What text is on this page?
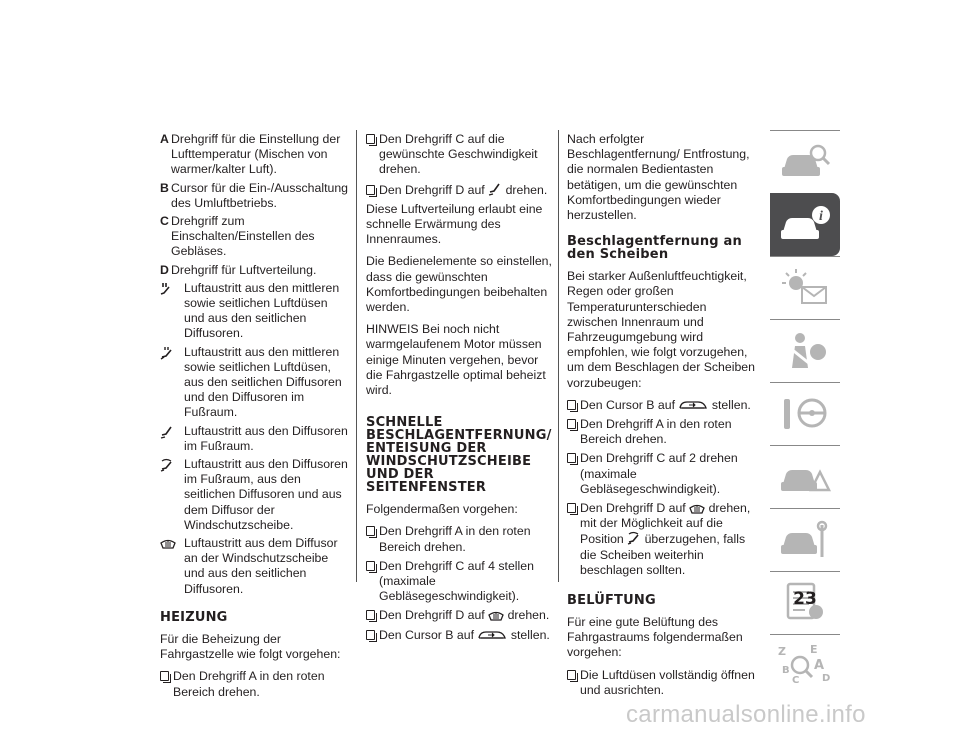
A Drehgriff für die Einstellung der Lufttemperatur (Mischen von warmer/kalter Luft).
B Cursor für die Ein-/Ausschaltung des Umluftbetriebs.
C Drehgriff zum Einschalten/Einstellen des Gebläses.
D Drehgriff für Luftverteilung.
Luftaustritt aus den mittleren sowie seitlichen Luftdüsen und aus den seitlichen Diffusoren.
Luftaustritt aus den mittleren sowie seitlichen Luftdüsen, aus den seitlichen Diffusoren und den Diffusoren im Fußraum.
Luftaustritt aus den Diffusoren im Fußraum.
Luftaustritt aus den Diffusoren im Fußraum, aus den seitlichen Diffusoren und aus dem Diffusor der Windschutzscheibe.
Luftaustritt aus dem Diffusor an der Windschutzscheibe und aus den seitlichen Diffusoren.
HEIZUNG

Für die Beheizung der Fahrgastzelle wie folgt vorgehen:

Den Drehgriff A in den roten Bereich drehen.
Den Drehgriff C auf die gewünschte Geschwindigkeit drehen.
Den Drehgriff D auf drehen.

Diese Luftverteilung erlaubt eine schnelle Erwärmung des Innenraumes.

Die Bedienelemente so einstellen, dass die gewünschten Komfortbedingungen beibehalten werden.

HINWEIS Bei noch nicht warmgelaufenem Motor müssen einige Minuten vergehen, bevor die Fahrgastzelle optimal beheizt wird.

SCHNELLE BESCHLAGENTFERNUNG/ ENTEISUNG DER WINDSCHUTZSCHEIBE UND DER SEITENFENSTER

Folgendermaßen vorgehen:

Den Drehgriff A in den roten Bereich drehen.
Den Drehgriff C auf 4 stellen (maximale Gebläsegeschwindigkeit).
Den Drehgriff D auf drehen.
Den Cursor B auf	stellen.

Nach erfolgter Beschlagentfernung/ Entfrostung, die normalen Bedientasten betätigen, um die gewünschten Komfortbedingungen wieder herzustellen.

Beschlagentfernung an den Scheiben

Bei starker Außenluftfeuchtigkeit, Regen oder großen Temperaturunterschieden zwischen Innenraum und Fahrzeugumgebung wird empfohlen, wie folgt vorzugehen, um dem Beschlagen der Scheiben vorzubeugen:

Den Cursor B auf	stellen.
Den Drehgriff A in den roten Bereich drehen.
Den Drehgriff C auf 2 drehen (maximale Gebläsegeschwindigkeit).
Den Drehgriff D auf drehen, mit der Möglichkeit auf die Position überzugehen, falls die Scheiben weiterhin beschlagen sollten.
BELÜFTUNG

Für eine gute Belüftung des Fahrgastraums folgendermaßen vorgehen:

Die Luftdüsen vollständig öffnen und ausrichten.
i
Z E
B A
C D
23
carmanualsonline.info
